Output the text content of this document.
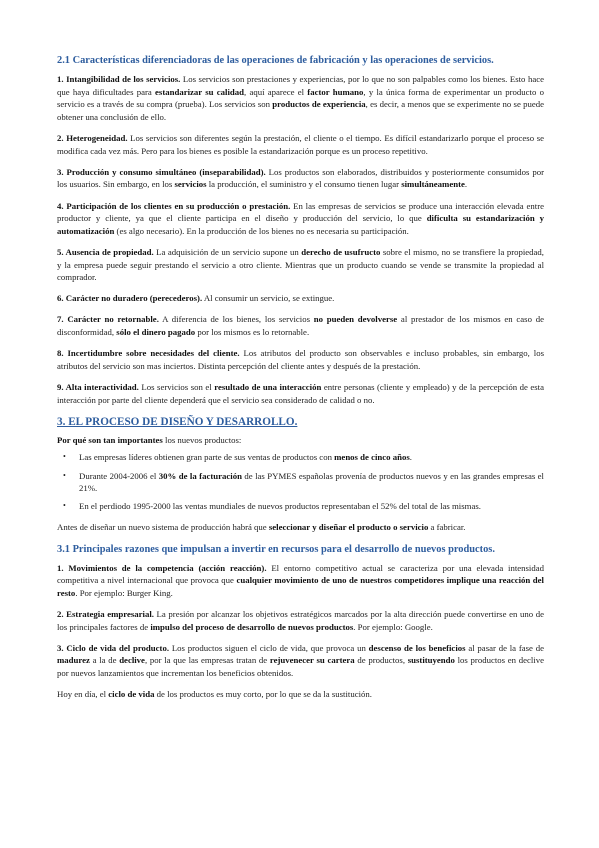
2.1 Características diferenciadoras de las operaciones de fabricación y las operaciones de servicios.

1. Intangibilidad de los servicios. Los servicios son prestaciones y experiencias, por lo que no son palpables como los bienes. Esto hace que haya dificultades para estandarizar su calidad, aquí aparece el factor humano, y la única forma de experimentar un producto o servicio es a través de su compra (prueba). Los servicios son productos de experiencia, es decir, a menos que se experimente no se puede obtener una conclusión de ello.

2. Heterogeneidad. Los servicios son diferentes según la prestación, el cliente o el tiempo. Es difícil estandarizarlo porque el proceso se modifica cada vez más. Pero para los bienes es posible la estandarización porque es un proceso repetitivo.

3. Producción y consumo simultáneo (inseparabilidad). Los productos son elaborados, distribuidos y posteriormente consumidos por los usuarios. Sin embargo, en los servicios la producción, el suministro y el consumo tienen lugar simultáneamente.

4. Participación de los clientes en su producción o prestación. En las empresas de servicios se produce una interacción elevada entre productor y cliente, ya que el cliente participa en el diseño y producción del servicio, lo que dificulta su estandarización y automatización (es algo necesario). En la producción de los bienes no es necesaria su participación.

5. Ausencia de propiedad. La adquisición de un servicio supone un derecho de usufructo sobre el mismo, no se transfiere la propiedad, y la empresa puede seguir prestando el servicio a otro cliente. Mientras que un producto cuando se vende se transmite la propiedad al comprador.

6. Carácter no duradero (perecederos). Al consumir un servicio, se extingue.

7. Carácter no retornable. A diferencia de los bienes, los servicios no pueden devolverse al prestador de los mismos en caso de disconformidad, sólo el dinero pagado por los mismos es lo retornable.

8. Incertidumbre sobre necesidades del cliente. Los atributos del producto son observables e incluso probables, sin embargo, los atributos del servicio son mas inciertos. Distinta percepción del cliente antes y después de la prestación.

9. Alta interactividad. Los servicios son el resultado de una interacción entre personas (cliente y empleado) y de la percepción de esta interacción por parte del cliente dependerá que el servicio sea considerado de calidad o no.

3. EL PROCESO DE DISEÑO Y DESARROLLO.

Por qué son tan importantes los nuevos productos:

• Las empresas líderes obtienen gran parte de sus ventas de productos con menos de cinco años.
• Durante 2004-2006 el 30% de la facturación de las PYMES españolas provenía de productos nuevos y en las grandes empresas el 21%.
• En el perdiodo 1995-2000 las ventas mundiales de nuevos productos representaban el 52% del total de las mismas.

Antes de diseñar un nuevo sistema de producción habrá que seleccionar y diseñar el producto o servicio a fabricar.

3.1 Principales razones que impulsan a invertir en recursos para el desarrollo de nuevos productos.

1. Movimientos de la competencia (acción reacción). El entorno competitivo actual se caracteriza por una elevada intensidad competitiva a nivel internacional que provoca que cualquier movimiento de uno de nuestros competidores implique una reacción del resto. Por ejemplo: Burger King.

2. Estrategia empresarial. La presión por alcanzar los objetivos estratégicos marcados por la alta dirección puede convertirse en uno de los principales factores de impulso del proceso de desarrollo de nuevos productos. Por ejemplo: Google.

3. Ciclo de vida del producto. Los productos siguen el ciclo de vida, que provoca un descenso de los beneficios al pasar de la fase de madurez a la de declive, por la que las empresas tratan de rejuvenecer su cartera de productos, sustituyendo los productos en declive por nuevos lanzamientos que incrementan los beneficios obtenidos.

Hoy en día, el ciclo de vida de los productos es muy corto, por lo que se da la sustitución.
